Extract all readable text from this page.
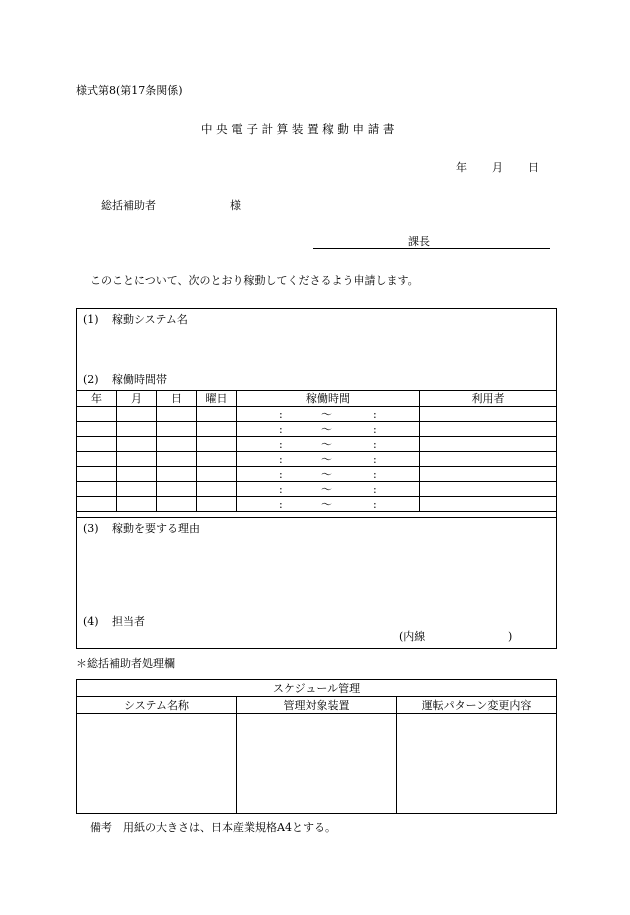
様式第8(第17条関係)
中 央 電 子 計 算 装 置 稼 動 申 請 書
年 月 日
総括補助者	様
課長
このことについて、次のとおり稼動してくださるよう申請します。
(1) 稼動システム名
(2) 稼働時間帯
年	月	日	曜日	稼働時間	利用者

				: 〜 :	

				: 〜 :	

				: 〜 :	

				: 〜 :	

				: 〜 :	

				: 〜 :	

				: 〜 :	

(3) 稼動を要する理由
(4) 担当者
(内線	)
＊総括補助者処理欄
スケジュール管理		
システム名称	管理対象装置	運転パターン変更内容

備考 用紙の大きさは、日本産業規格A4とする。
